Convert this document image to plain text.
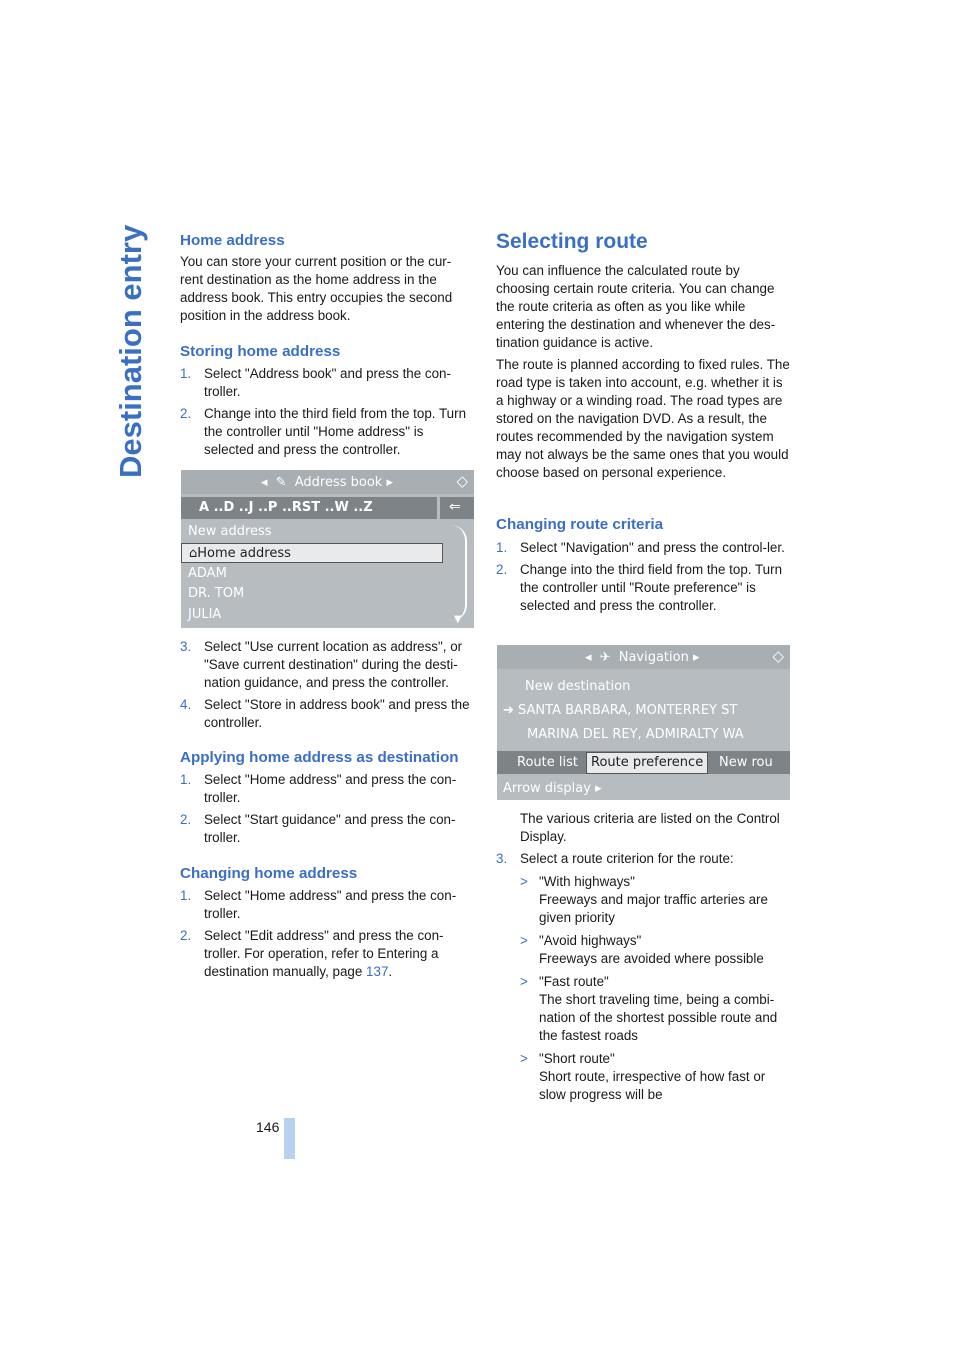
Destination entry
146
Home address

You can store your current position or the cur-rent destination as the home address in the address book. This entry occupies the second position in the address book.

Storing home address
1. Select "Address book" and press the con-troller.
2. Change into the third field from the top. Turn the controller until "Home address" is selected and press the controller.
◂ ✎ Address book ▸	◇
A ..D ..J ..P ..RST ..W ..Z	⇐
New address
⌂Home address
ADAM
DR. TOM
JULIA	▼
3. Select "Use current location as address", or "Save current destination" during the desti-nation guidance, and press the controller.
4. Select "Store in address book" and press the controller.
Applying home address as destination
1. Select "Home address" and press the con-troller.
2. Select "Start guidance" and press the con-troller.
Changing home address
1. Select "Home address" and press the con-troller.
2. Select "Edit address" and press the con-troller. For operation, refer to Entering a destination manually, page 137.
Selecting route

You can influence the calculated route by choosing certain route criteria. You can change the route criteria as often as you like while entering the destination and whenever the des-tination guidance is active.

The route is planned according to fixed rules. The road type is taken into account, e.g. whether it is a highway or a winding road. The road types are stored on the navigation DVD. As a result, the routes recommended by the navigation system may not always be the same ones that you would choose based on personal experience.

Changing route criteria
1. Select "Navigation" and press the control-ler.
2. Change into the third field from the top. Turn the controller until "Route preference" is selected and press the controller.
◂ ✈ Navigation ▸	◇
New destination
➔ SANTA BARBARA, MONTERREY ST
MARINA DEL REY, ADMIRALTY WA
Route list	Route preference	New rou
Arrow display ▸

The various criteria are listed on the Control Display.

3. Select a route criterion for the route:
> "With highways"
Freeways and major traffic arteries are given priority
> "Avoid highways"
Freeways are avoided where possible
> "Fast route"
The short traveling time, being a combi-nation of the shortest possible route and the fastest roads
> "Short route"
Short route, irrespective of how fast or slow progress will be
